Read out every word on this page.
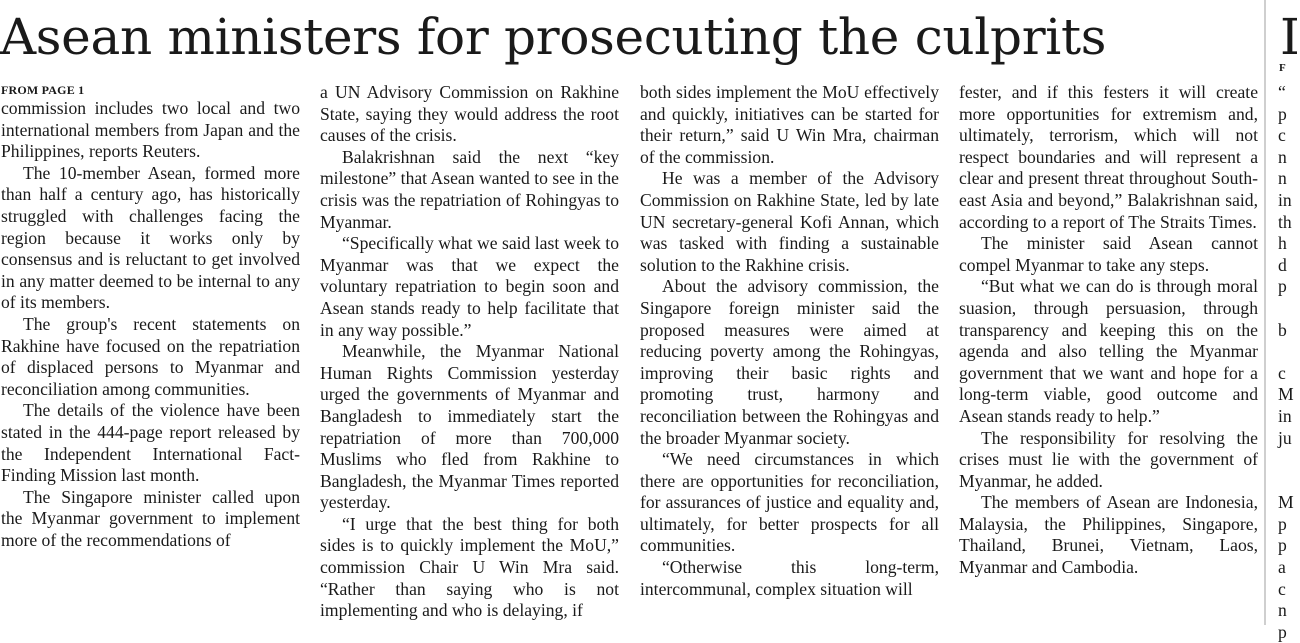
Asean ministers for prosecuting the culprits
FROM PAGE 1

commission includes two local and two international members from Japan and the Philippines, reports Reuters.

The 10-member Asean, formed more than half a century ago, has historically struggled with challenges facing the region because it works only by consensus and is reluctant to get involved in any matter deemed to be internal to any of its members.

The group's recent statements on Rakhine have focused on the repatriation of displaced persons to Myanmar and reconciliation among communities.

The details of the violence have been stated in the 444-page report released by the Independent International Fact-Finding Mission last month.

The Singapore minister called upon the Myanmar government to implement more of the recommendations of

a UN Advisory Commission on Rakhine State, saying they would address the root causes of the crisis.

Balakrishnan said the next “key milestone” that Asean wanted to see in the crisis was the repatriation of Rohingyas to Myanmar.

“Specifically what we said last week to Myanmar was that we expect the voluntary repatriation to begin soon and Asean stands ready to help facilitate that in any way possible.”

Meanwhile, the Myanmar National Human Rights Commission yesterday urged the governments of Myanmar and Bangladesh to immediately start the repatriation of more than 700,000 Muslims who fled from Rakhine to Bangladesh, the Myanmar Times reported yesterday.

“I urge that the best thing for both sides is to quickly implement the MoU,” commission Chair U Win Mra said. “Rather than saying who is not implementing and who is delaying, if

both sides implement the MoU effectively and quickly, initiatives can be started for their return,” said U Win Mra, chairman of the commission.

He was a member of the Advisory Commission on Rakhine State, led by late UN secretary-general Kofi Annan, which was tasked with finding a sustainable solution to the Rakhine crisis.

About the advisory commission, the Singapore foreign minister said the proposed measures were aimed at reducing poverty among the Rohingyas, improving their basic rights and promoting trust, harmony and reconciliation between the Rohingyas and the broader Myanmar society.

“We need circumstances in which there are opportunities for reconciliation, for assurances of justice and equality and, ultimately, for better prospects for all communities.

“Otherwise this long-term, intercommunal, complex situation will

fester, and if this festers it will create more opportunities for extremism and, ultimately, terrorism, which will not respect boundaries and will represent a clear and present threat throughout South-east Asia and beyond,” Balakrishnan said, according to a report of The Straits Times.

The minister said Asean cannot compel Myanmar to take any steps.

“But what we can do is through moral suasion, through persuasion, through transparency and keeping this on the agenda and also telling the Myanmar government that we want and hope for a long-term viable, good outcome and Asean stands ready to help.”

The responsibility for resolving the crises must lie with the government of Myanmar, he added.

The members of Asean are Indonesia, Malaysia, the Philippines, Singapore, Thailand, Brunei, Vietnam, Laos, Myanmar and Cambodia.

I
F
“
p
c
n
n
in
th
h
d
p

b

c
M
in
ju

M
p
p
a
c
n
p
